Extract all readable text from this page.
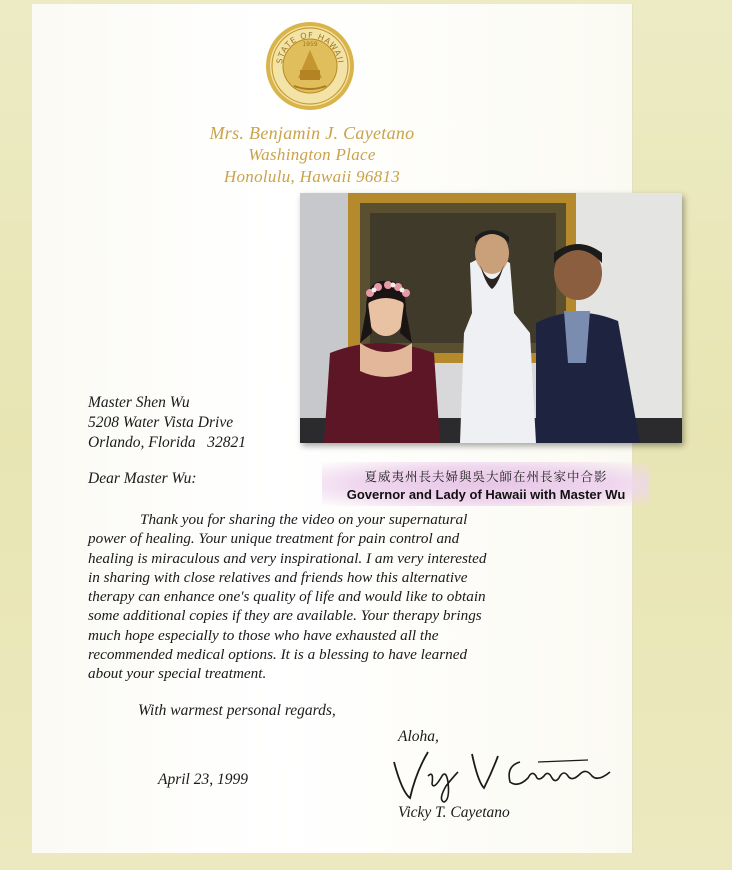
STATE OF HAWAII
1959
Mrs. Benjamin J. Cayetano
Washington Place
Honolulu, Hawaii 96813
夏威夷州長夫婦與吳大師在州長家中合影
Governor and Lady of Hawaii with Master Wu
Master Shen Wu
5208 Water Vista Drive
Orlando, Florida   32821
Dear Master Wu:
Thank you for sharing the video on your supernatural
power of healing. Your unique treatment for pain control and
healing is miraculous and very inspirational. I am very interested
in sharing with close relatives and friends how this alternative
therapy can enhance one's quality of life and would like to obtain
some additional copies if they are available. Your therapy brings
much hope especially to those who have exhausted all the
recommended medical options. It is a blessing to have learned
about your special treatment.
With warmest personal regards,
April 23, 1999
Aloha,
Vicky T. Cayetano
